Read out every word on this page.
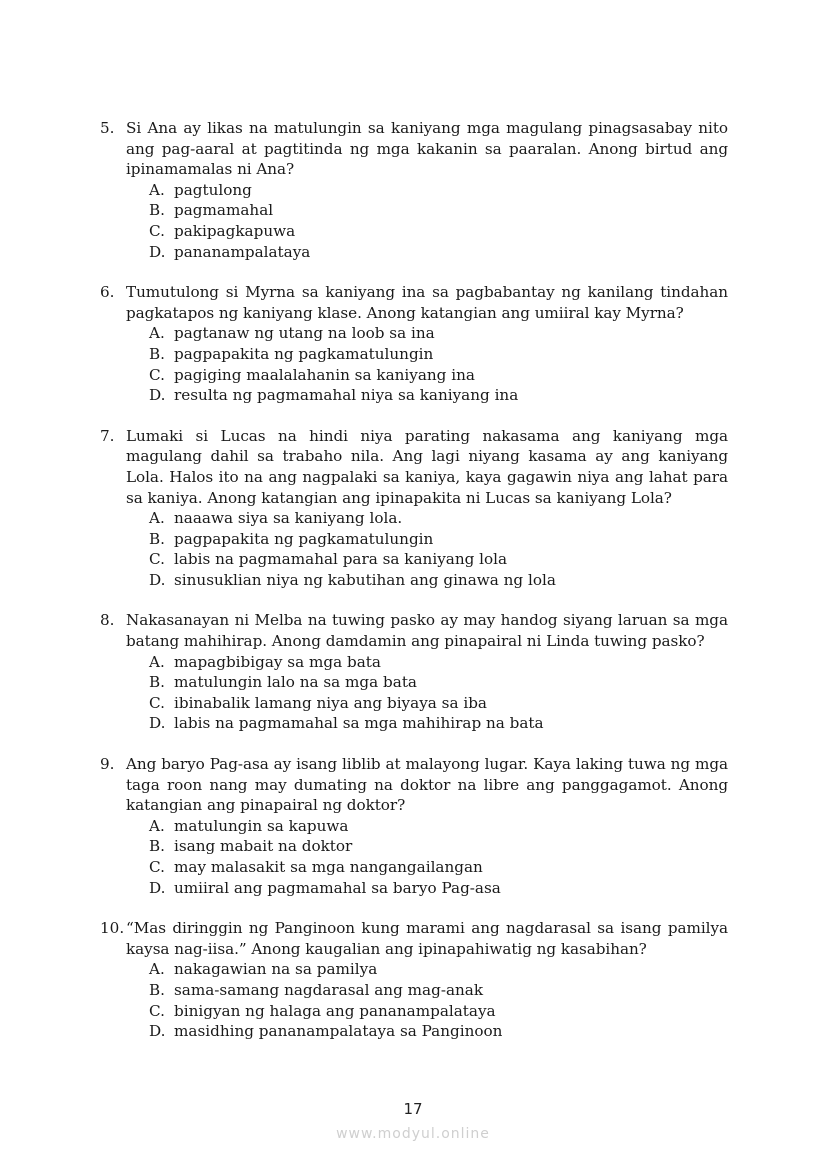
5. Si Ana ay likas na matulungin sa kaniyang mga magulang pinagsasabay nito ang pag-aaral at pagtitinda ng mga kakanin sa paaralan. Anong birtud ang ipinamamalas ni Ana?
A. pagtulong
B. pagmamahal
C. pakipagkapuwa
D. pananampalataya
6. Tumutulong si Myrna sa kaniyang ina sa pagbabantay ng kanilang tindahan pagkatapos ng kaniyang klase. Anong katangian ang umiiral kay Myrna?
A. pagtanaw ng utang na loob sa ina
B. pagpapakita ng pagkamatulungin
C. pagiging maalalahanin sa kaniyang ina
D. resulta ng pagmamahal niya sa kaniyang ina
7. Lumaki si Lucas na hindi niya parating nakasama ang kaniyang mga magulang dahil sa trabaho nila. Ang lagi niyang kasama ay ang kaniyang Lola. Halos ito na ang nagpalaki sa kaniya, kaya gagawin niya ang lahat para sa kaniya. Anong katangian ang ipinapakita ni Lucas sa kaniyang Lola?
A. naaawa siya sa kaniyang lola.
B. pagpapakita ng pagkamatulungin
C. labis na pagmamahal para sa kaniyang lola
D. sinusuklian niya ng kabutihan ang ginawa ng lola
8. Nakasanayan ni Melba na tuwing pasko ay may handog siyang laruan sa mga batang mahihirap. Anong damdamin ang pinapairal ni Linda tuwing pasko?
A. mapagbibigay sa mga bata
B. matulungin lalo na sa mga bata
C. ibinabalik lamang niya ang biyaya sa iba
D. labis na pagmamahal sa mga mahihirap na bata
9. Ang baryo Pag-asa ay isang liblib at malayong lugar. Kaya laking tuwa ng mga taga roon nang may dumating na doktor na libre ang panggagamot. Anong katangian ang pinapairal ng doktor?
A. matulungin sa kapuwa
B. isang mabait na doktor
C. may malasakit sa mga nangangailangan
D. umiiral ang pagmamahal sa baryo Pag-asa
10. “Mas diringgin ng Panginoon kung marami ang nagdarasal sa isang pamilya kaysa nag-iisa.” Anong kaugalian ang ipinapahiwatig ng kasabihan?
A. nakagawian na sa pamilya
B. sama-samang nagdarasal ang mag-anak
C. binigyan ng halaga ang pananampalataya
D. masidhing pananampalataya sa Panginoon
17
www.modyul.online
